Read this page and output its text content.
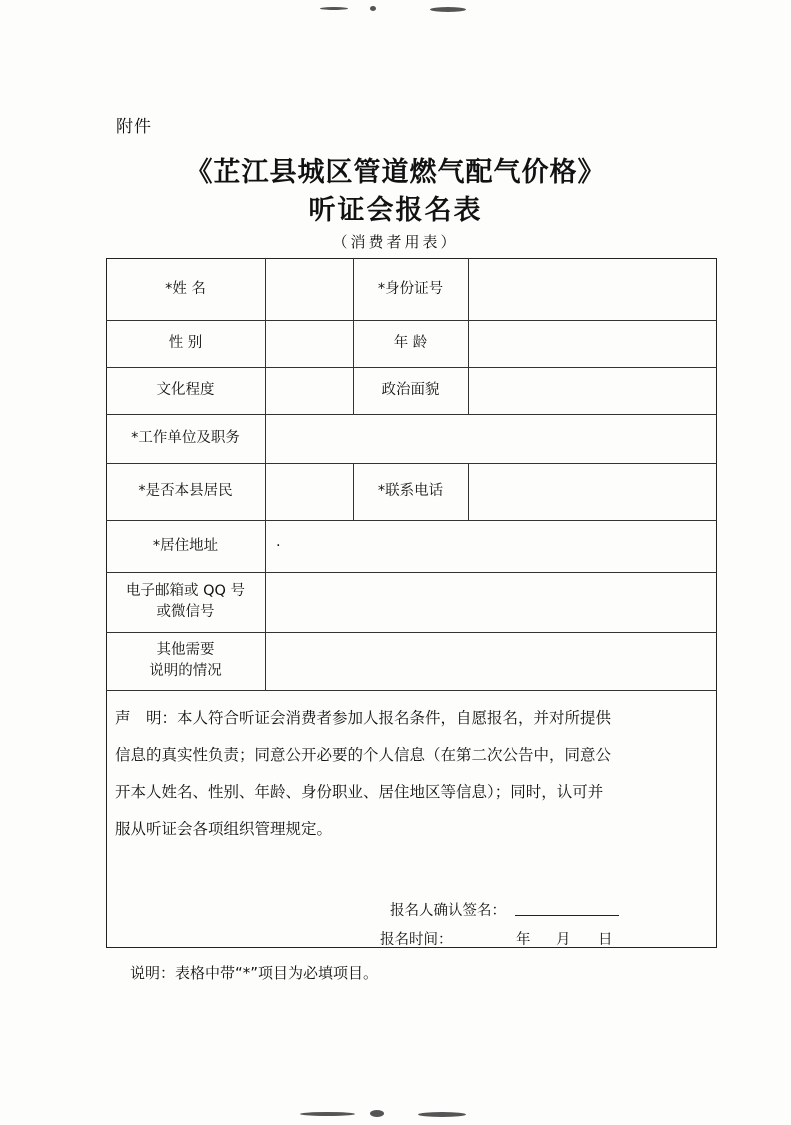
附件
《芷江县城区管道燃气配气价格》
听证会报名表
（消费者用表）
*姓 名	*身份证号
性 别	年 龄
文化程度	政治面貌
*工作单位及职务
*是否本县居民	*联系电话
*居住地址	·
电子邮箱或 QQ 号
或微信号
其他需要
说明的情况
声　明：本人符合听证会消费者参加人报名条件，自愿报名，并对所提供
信息的真实性负责；同意公开必要的个人信息（在第二次公告中，同意公
开本人姓名、性别、年龄、身份职业、居住地区等信息）；同时，认可并
服从听证会各项组织管理规定。
报名人确认签名：
报名时间：	年 月 日
说明：表格中带“*”项目为必填项目。
